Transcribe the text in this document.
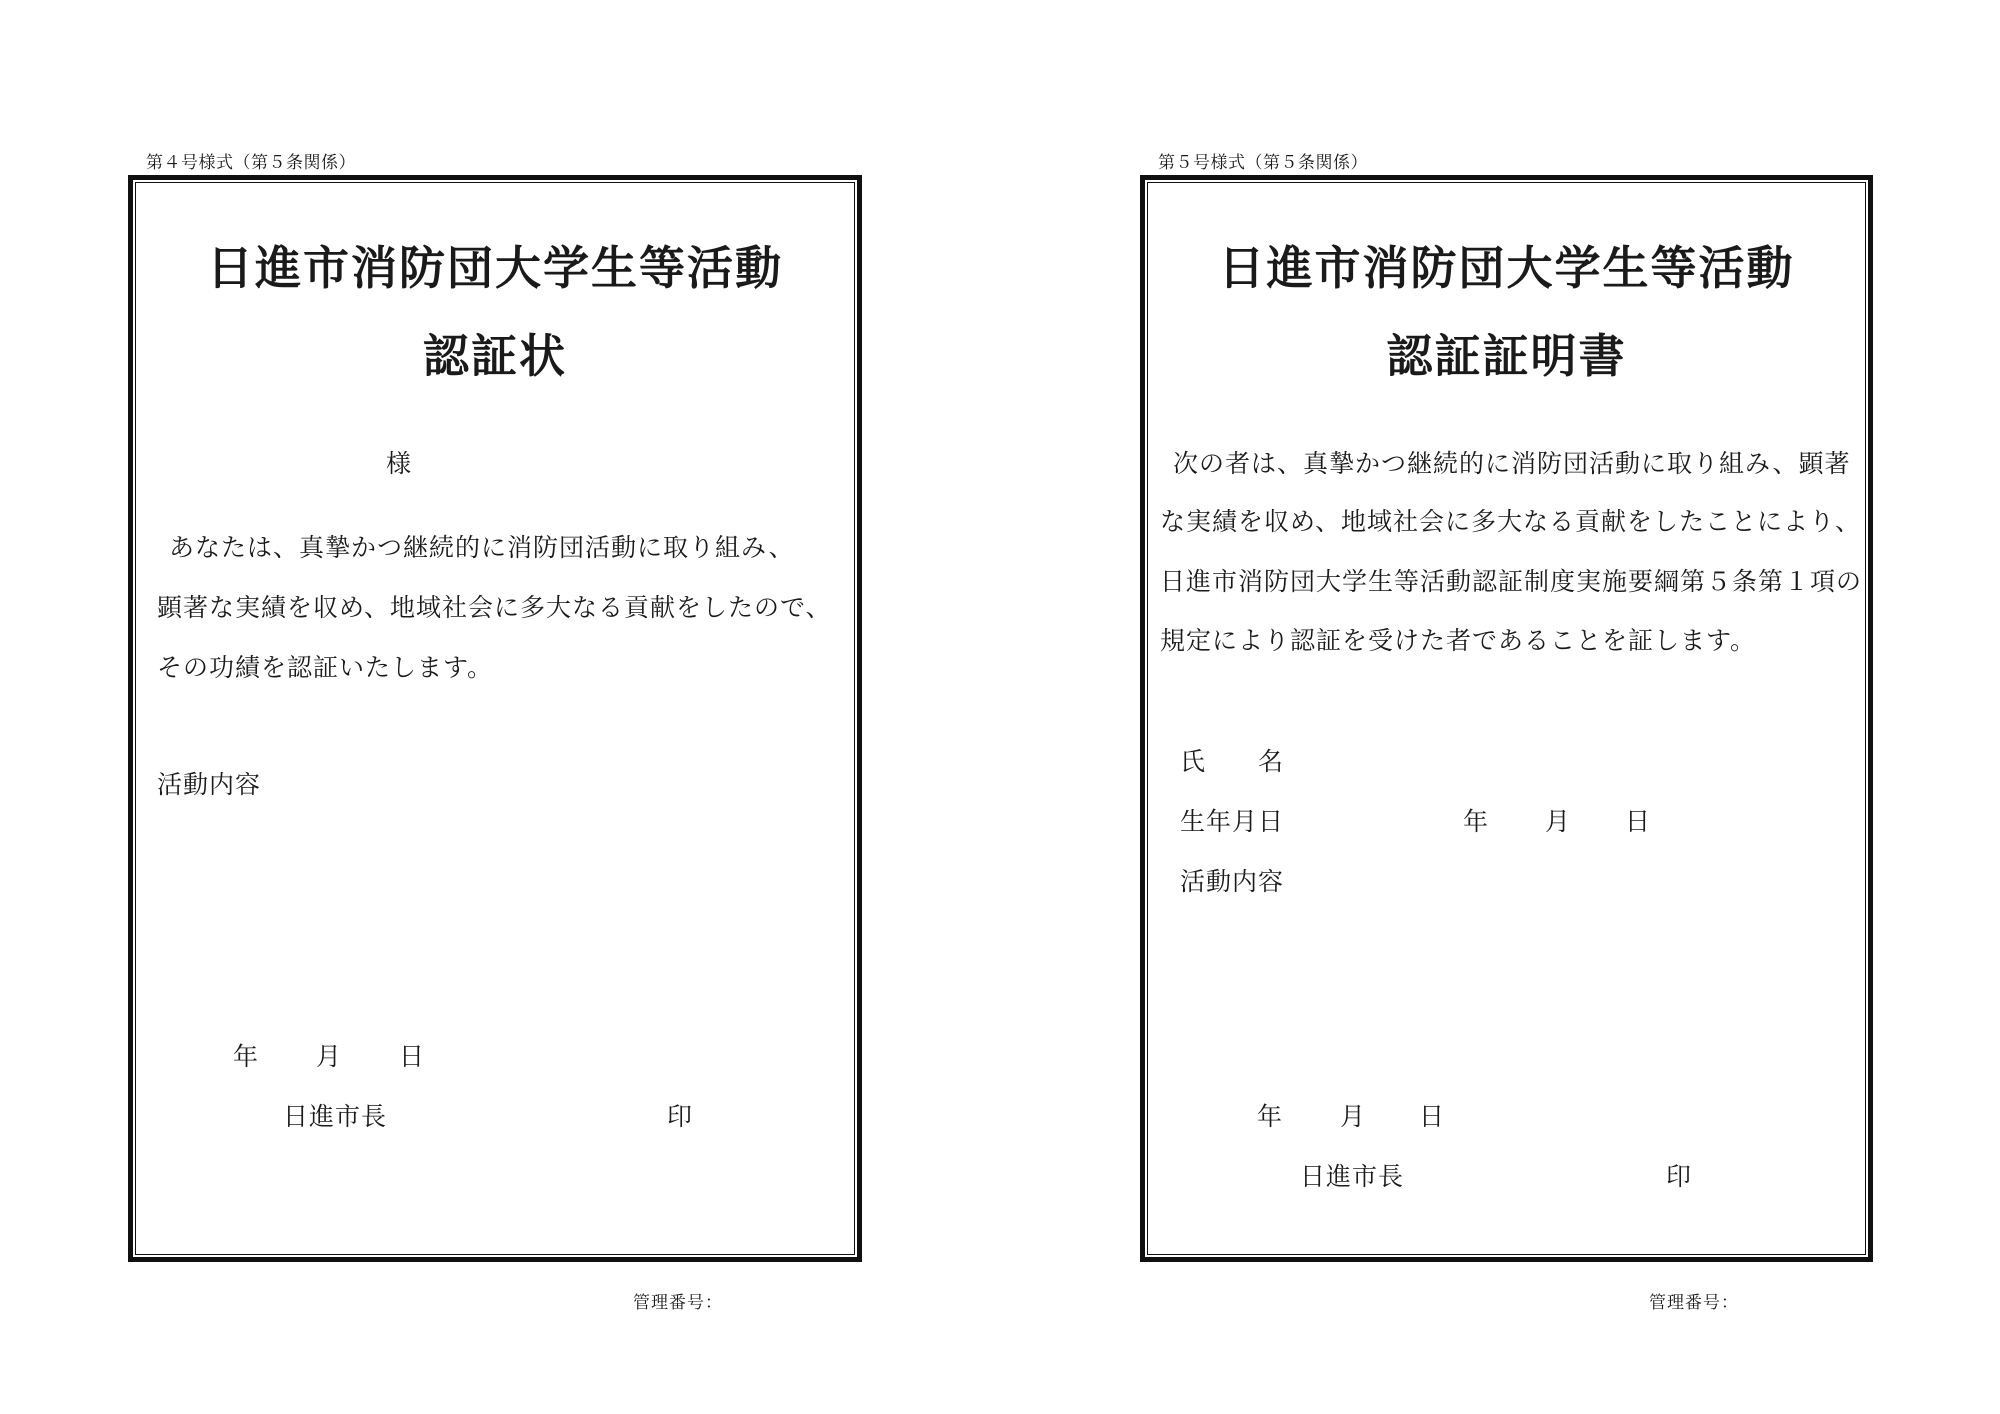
第４号様式（第５条関係）
日進市消防団大学生等活動
認証状
様
あなたは、真摯かつ継続的に消防団活動に取り組み、
顕著な実績を収め、地域社会に多大なる貢献をしたので、
その功績を認証いたします。
活動内容
年 月 日
日進市長	印
管理番号：
第５号様式（第５条関係）
日進市消防団大学生等活動
認証証明書
次の者は、真摯かつ継続的に消防団活動に取り組み、顕著
な実績を収め、地域社会に多大なる貢献をしたことにより、
日進市消防団大学生等活動認証制度実施要綱第５条第１項の
規定により認証を受けた者であることを証します。
氏　　名
生年月日	年 月 日
活動内容
年 月 日
日進市長	印
管理番号：
